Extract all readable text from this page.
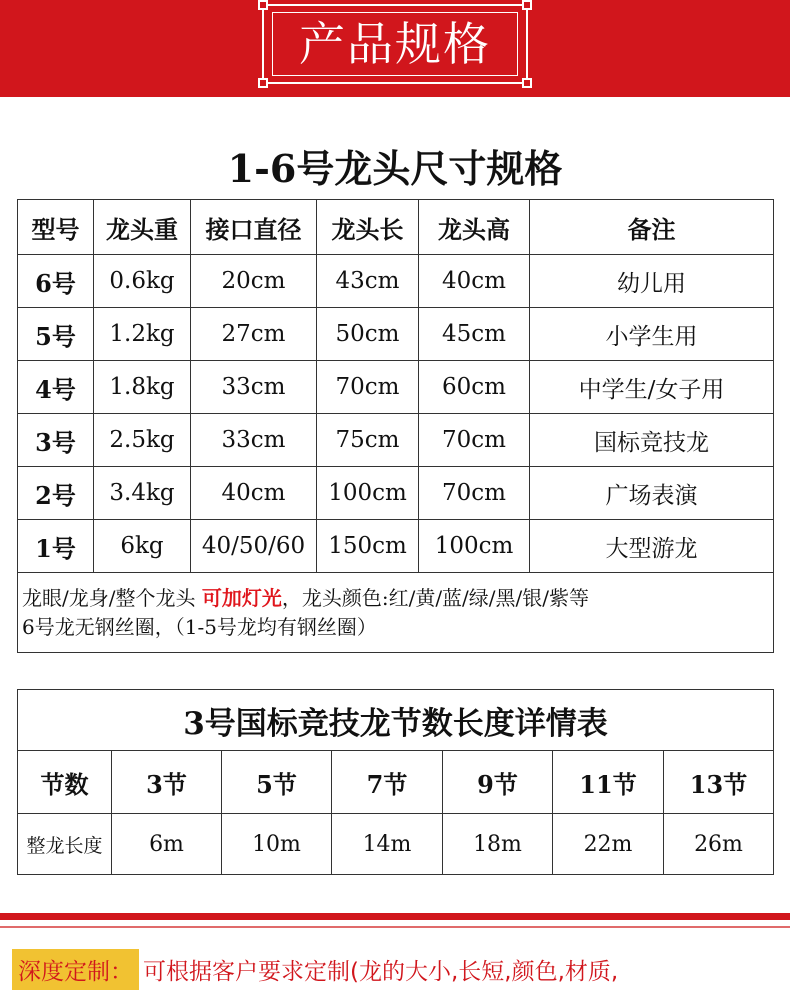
产品规格
1-6号龙头尺寸规格
型号	龙头重	接口直径	龙头长	龙头高	备注
6号	0.6kg	20cm	43cm	40cm	幼儿用
5号	1.2kg	27cm	50cm	45cm	小学生用
4号	1.8kg	33cm	70cm	60cm	中学生/女子用
3号	2.5kg	33cm	75cm	70cm	国标竞技龙
2号	3.4kg	40cm	100cm	70cm	广场表演
1号	6kg	40/50/60	150cm	100cm	大型游龙
龙眼/龙身/整个龙头 可加灯光，龙头颜色:红/黄/蓝/绿/黑/银/紫等
6号龙无钢丝圈，（1-5号龙均有钢丝圈）					
3号国标竞技龙节数长度详情表						
节数	3节	5节	7节	9节	11节	13节
整龙长度	6m	10m	14m	18m	22m	26m
深度定制： 可根据客户要求定制(龙的大小,长短,颜色,材质,
